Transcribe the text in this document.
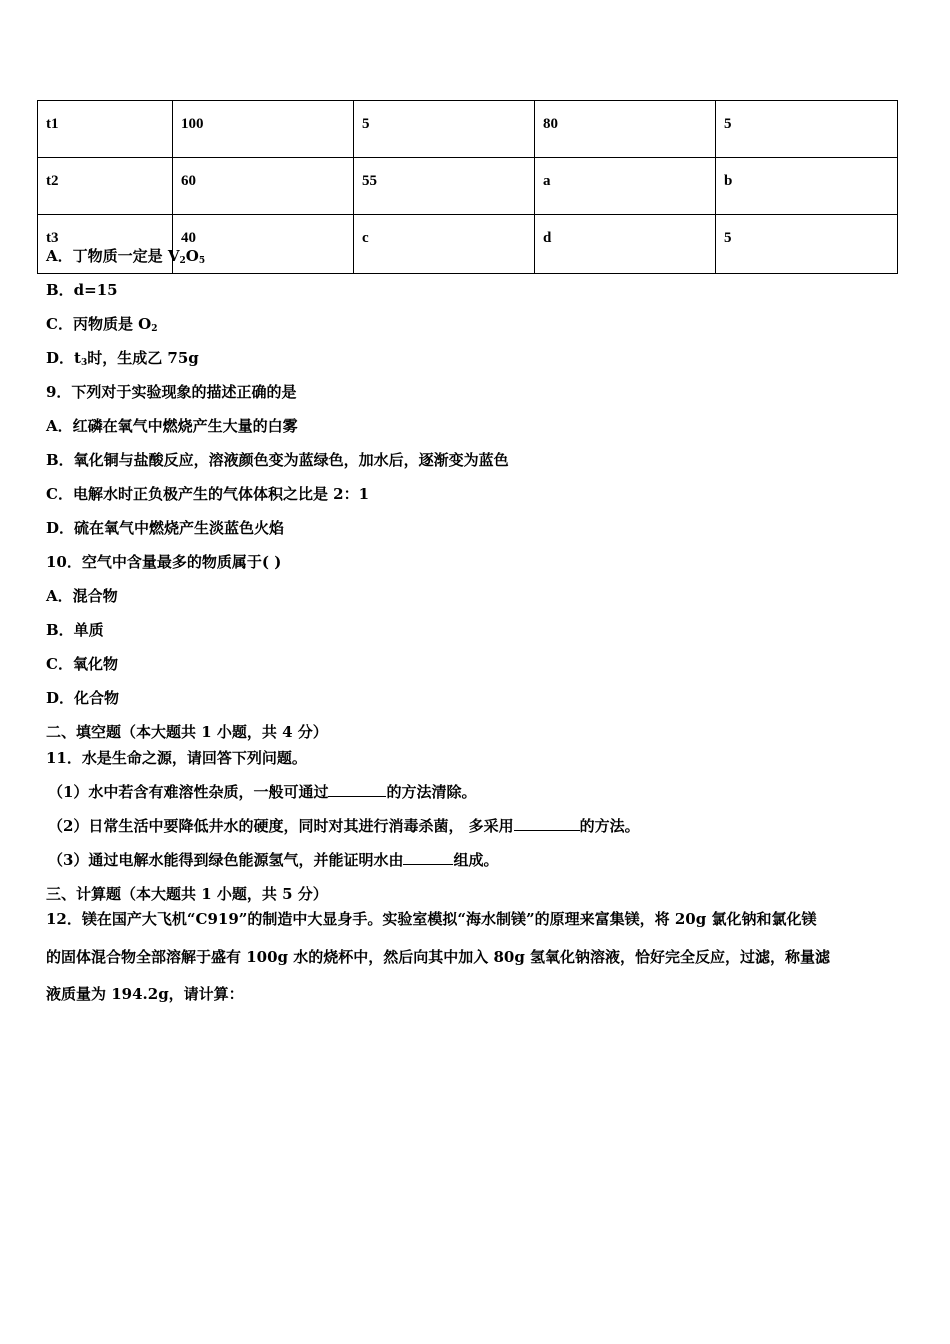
t1	100	5	80	5
t2	60	55	a	b
t3	40	c	d	5
A．丁物质一定是 $V_2O_5$
B．d=15
C．丙物质是 $O_2$
D．$t_3$时，生成乙 75g
9．下列对于实验现象的描述正确的是
A．红磷在氧气中燃烧产生大量的白雾
B．氧化铜与盐酸反应，溶液颜色变为蓝绿色，加水后，逐渐变为蓝色
C．电解水时正负极产生的气体体积之比是 2：1
D．硫在氧气中燃烧产生淡蓝色火焰
10．空气中含量最多的物质属于( )
A．混合物
B．单质
C．氧化物
D．化合物
二、填空题（本大题共 1 小题，共 4 分）
11．水是生命之源，请回答下列问题。
（1）水中若含有难溶性杂质，一般可通过	的方法清除。
（2）日常生活中要降低井水的硬度，同时对其进行消毒杀菌， 多采用	的方法。
（3）通过电解水能得到绿色能源氢气，并能证明水由	组成。
三、计算题（本大题共 1 小题，共 5 分）
12．镁在国产大飞机“C919”的制造中大显身手。实验室模拟“海水制镁”的原理来富集镁，将 20g 氯化钠和氯化镁
的固体混合物全部溶解于盛有 100g 水的烧杯中，然后向其中加入 80g 氢氧化钠溶液，恰好完全反应，过滤，称量滤
液质量为 194.2g，请计算：
